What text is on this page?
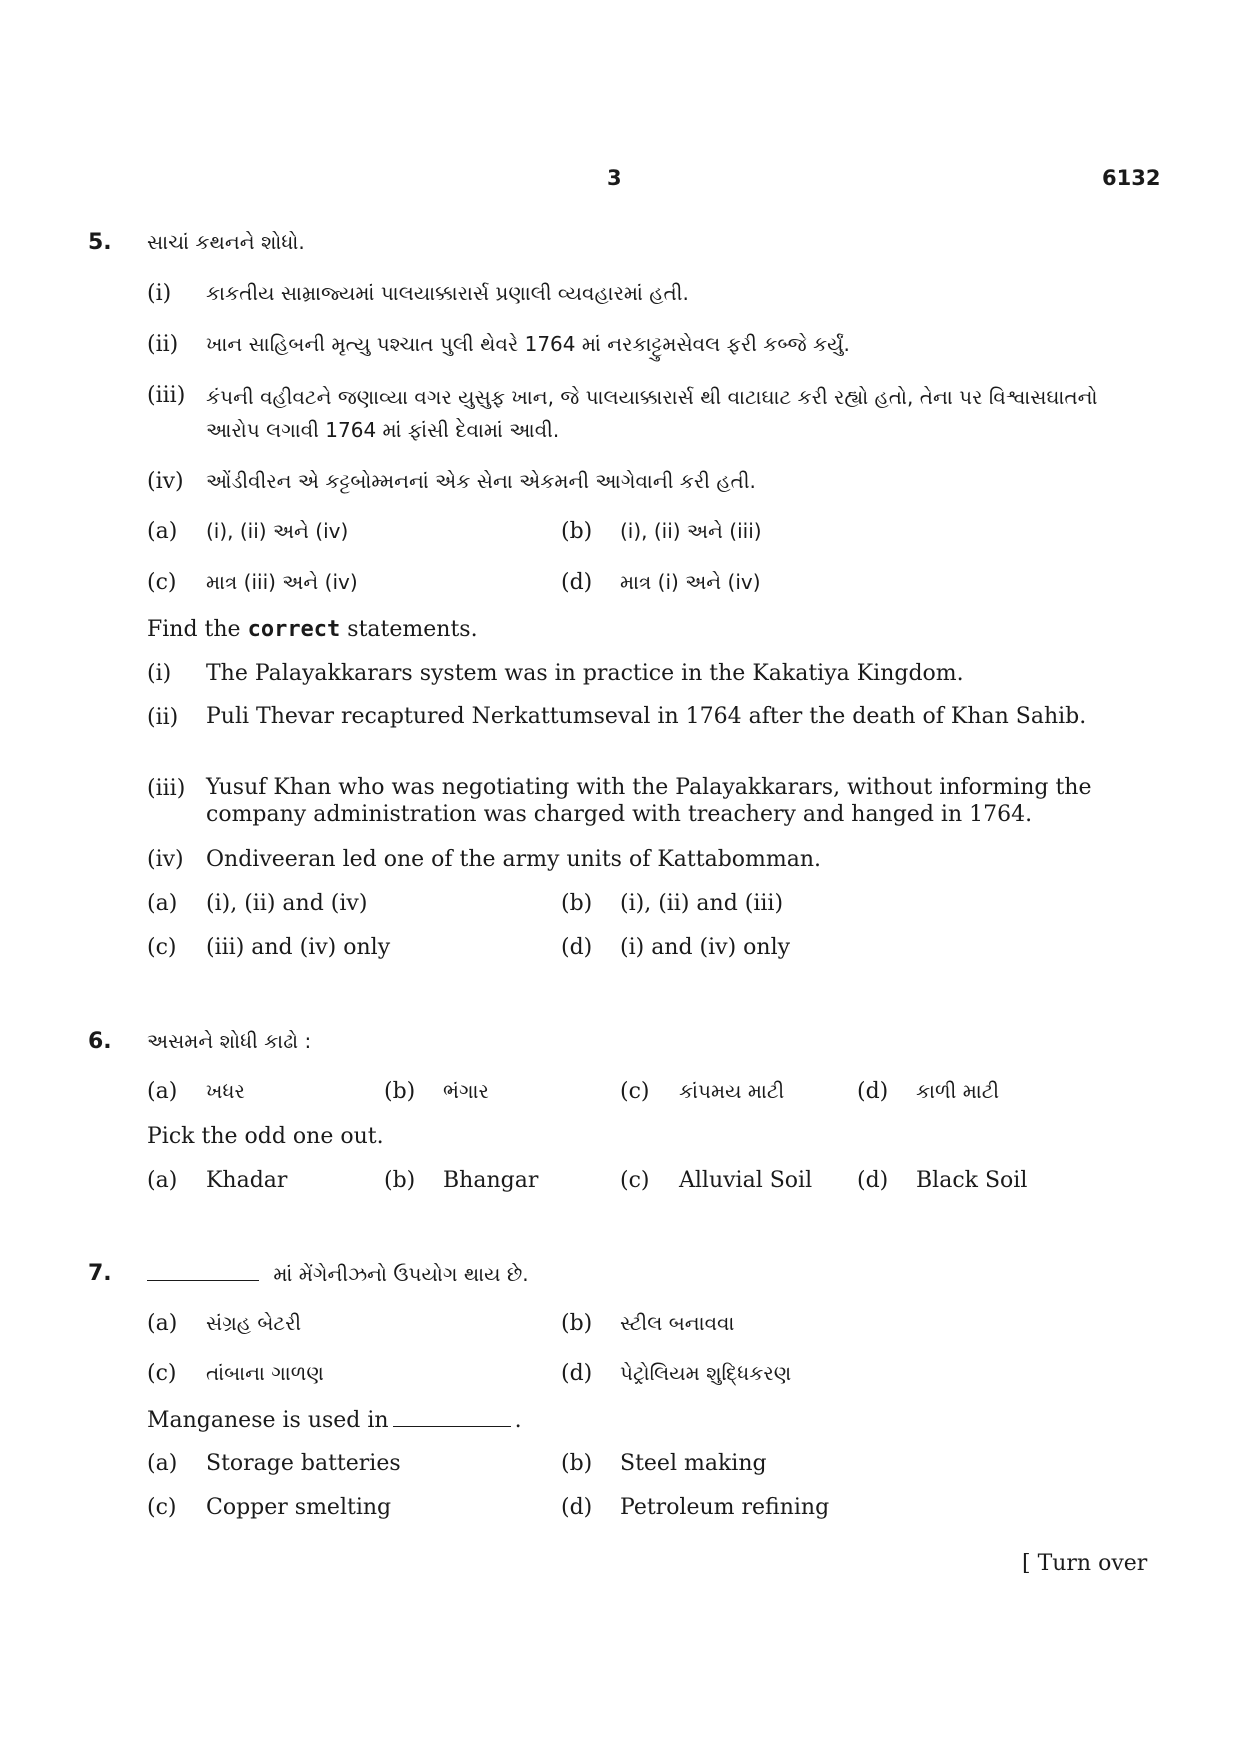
3	6132
5. સાચાં કથનને શોધો.
(i) કાકતીય સામ્રાજ્યમાં પાલયાક્કારાર્સ પ્રણાલી વ્યવહારમાં હતી.
(ii) ખાન સાહિબની મૃત્યુ પશ્ચાત પુલી થેવરે 1764 માં નરકાટ્ટુમસેવલ ફરી કબ્જે કર્યું.
(iii) કંપની વહીવટને જણાવ્યા વગર યુસુફ ખાન, જે પાલયાક્કારાર્સ થી વાટાઘાટ કરી રહ્યો હતો, તેના પર વિશ્વાસઘાતનો આરોપ લગાવી 1764 માં ફાંસી દેવામાં આવી.
(iv) ઓંડીવીરન એ કટ્ટબોમ્મનનાં એક સેના એકમની આગેવાની કરી હતી.
(a) (i), (ii) અને (iv)	(b) (i), (ii) અને (iii)
(c) માત્ર (iii) અને (iv)	(d) માત્ર (i) અને (iv)
Find the correct statements.
(i) The Palayakkarars system was in practice in the Kakatiya Kingdom.
(ii) Puli Thevar recaptured Nerkattumseval in 1764 after the death of Khan Sahib.
(iii) Yusuf Khan who was negotiating with the Palayakkarars, without informing the company administration was charged with treachery and hanged in 1764.
(iv) Ondiveeran led one of the army units of Kattabomman.
(a) (i), (ii) and (iv)	(b) (i), (ii) and (iii)
(c) (iii) and (iv) only	(d) (i) and (iv) only
6. અસમને શોધી કાઢો :
(a) ખધર	(b) ભંગાર	(c) કાંપમય માટી	(d) કાળી માટી
Pick the odd one out.
(a) Khadar	(b) Bhangar	(c) Alluvial Soil (d) Black Soil
7.	માં મેંગેનીઝનો ઉપયોગ થાય છે.
(a) સંગ્રહ બેટરી	(b) સ્ટીલ બનાવવા
(c) તાંબાના ગાળણ	(d) પેટ્રોલિયમ શુદ્ધિકરણ
Manganese is used in	.
(a) Storage batteries	(b) Steel making
(c) Copper smelting	(d) Petroleum refining
[ Turn over
